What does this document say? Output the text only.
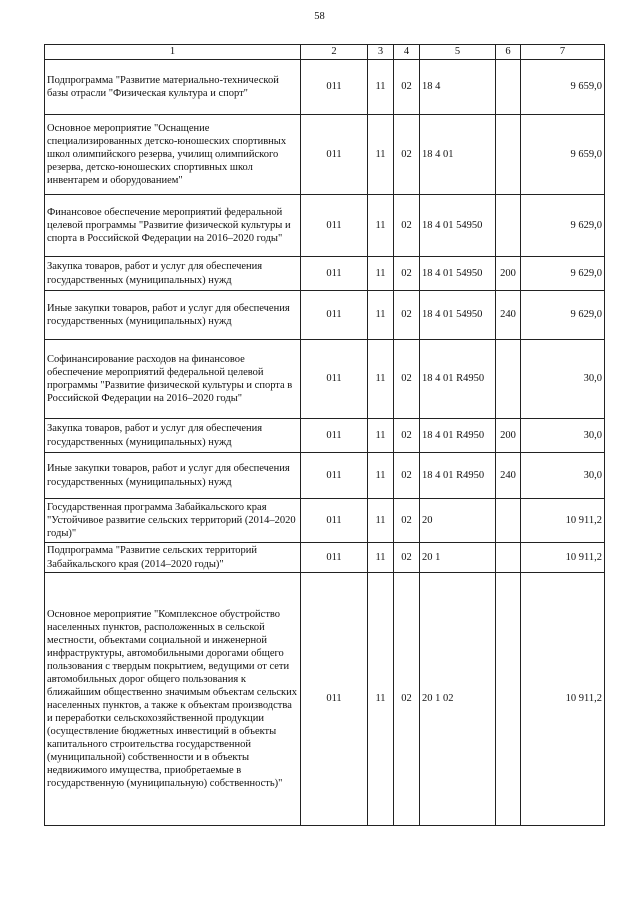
58
1	2	3	4	5	6	7
Подпрограмма "Развитие материально-технической базы отрасли "Физическая культура и спорт"	011	11	02	18 4		9 659,0
Основное мероприятие "Оснащение специализированных детско-юношеских спортивных школ олимпийского резерва, училищ олимпийского резерва, детско-юношеских спортивных школ инвентарем и оборудованием"	011	11	02	18 4 01		9 659,0
Финансовое обеспечение мероприятий федеральной целевой программы "Развитие физической культуры и спорта в Российской Федерации на 2016–2020 годы"	011	11	02	18 4 01 54950		9 629,0
Закупка товаров, работ и услуг для обеспечения государственных (муниципальных) нужд	011	11	02	18 4 01 54950	200	9 629,0
Иные закупки товаров, работ и услуг для обеспечения государственных (муниципальных) нужд	011	11	02	18 4 01 54950	240	9 629,0
Софинансирование расходов на финансовое обеспечение мероприятий федеральной целевой программы "Развитие физической культуры и спорта в Российской Федерации на 2016–2020 годы"	011	11	02	18 4 01 R4950		30,0
Закупка товаров, работ и услуг для обеспечения государственных (муниципальных) нужд	011	11	02	18 4 01 R4950	200	30,0
Иные закупки товаров, работ и услуг для обеспечения государственных (муниципальных) нужд	011	11	02	18 4 01 R4950	240	30,0
Государственная программа Забайкальского края "Устойчивое развитие сельских территорий (2014–2020 годы)"	011	11	02	20		10 911,2
Подпрограмма "Развитие сельских территорий Забайкальского края (2014–2020 годы)"	011	11	02	20 1		10 911,2
Основное мероприятие "Комплексное обустройство населенных пунктов, расположенных в сельской местности, объектами социальной и инженерной инфраструктуры, автомобильными дорогами общего пользования с твердым покрытием, ведущими от сети автомобильных дорог общего пользования к ближайшим общественно значимым объектам сельских населенных пунктов, а также к объектам производства и переработки сельскохозяйственной продукции (осуществление бюджетных инвестиций в объекты капитального строительства государственной (муниципальной) собственности и в объекты недвижимого имущества, приобретаемые в государственную (муниципальную) собственность)"	011	11	02	20 1 02		10 911,2
